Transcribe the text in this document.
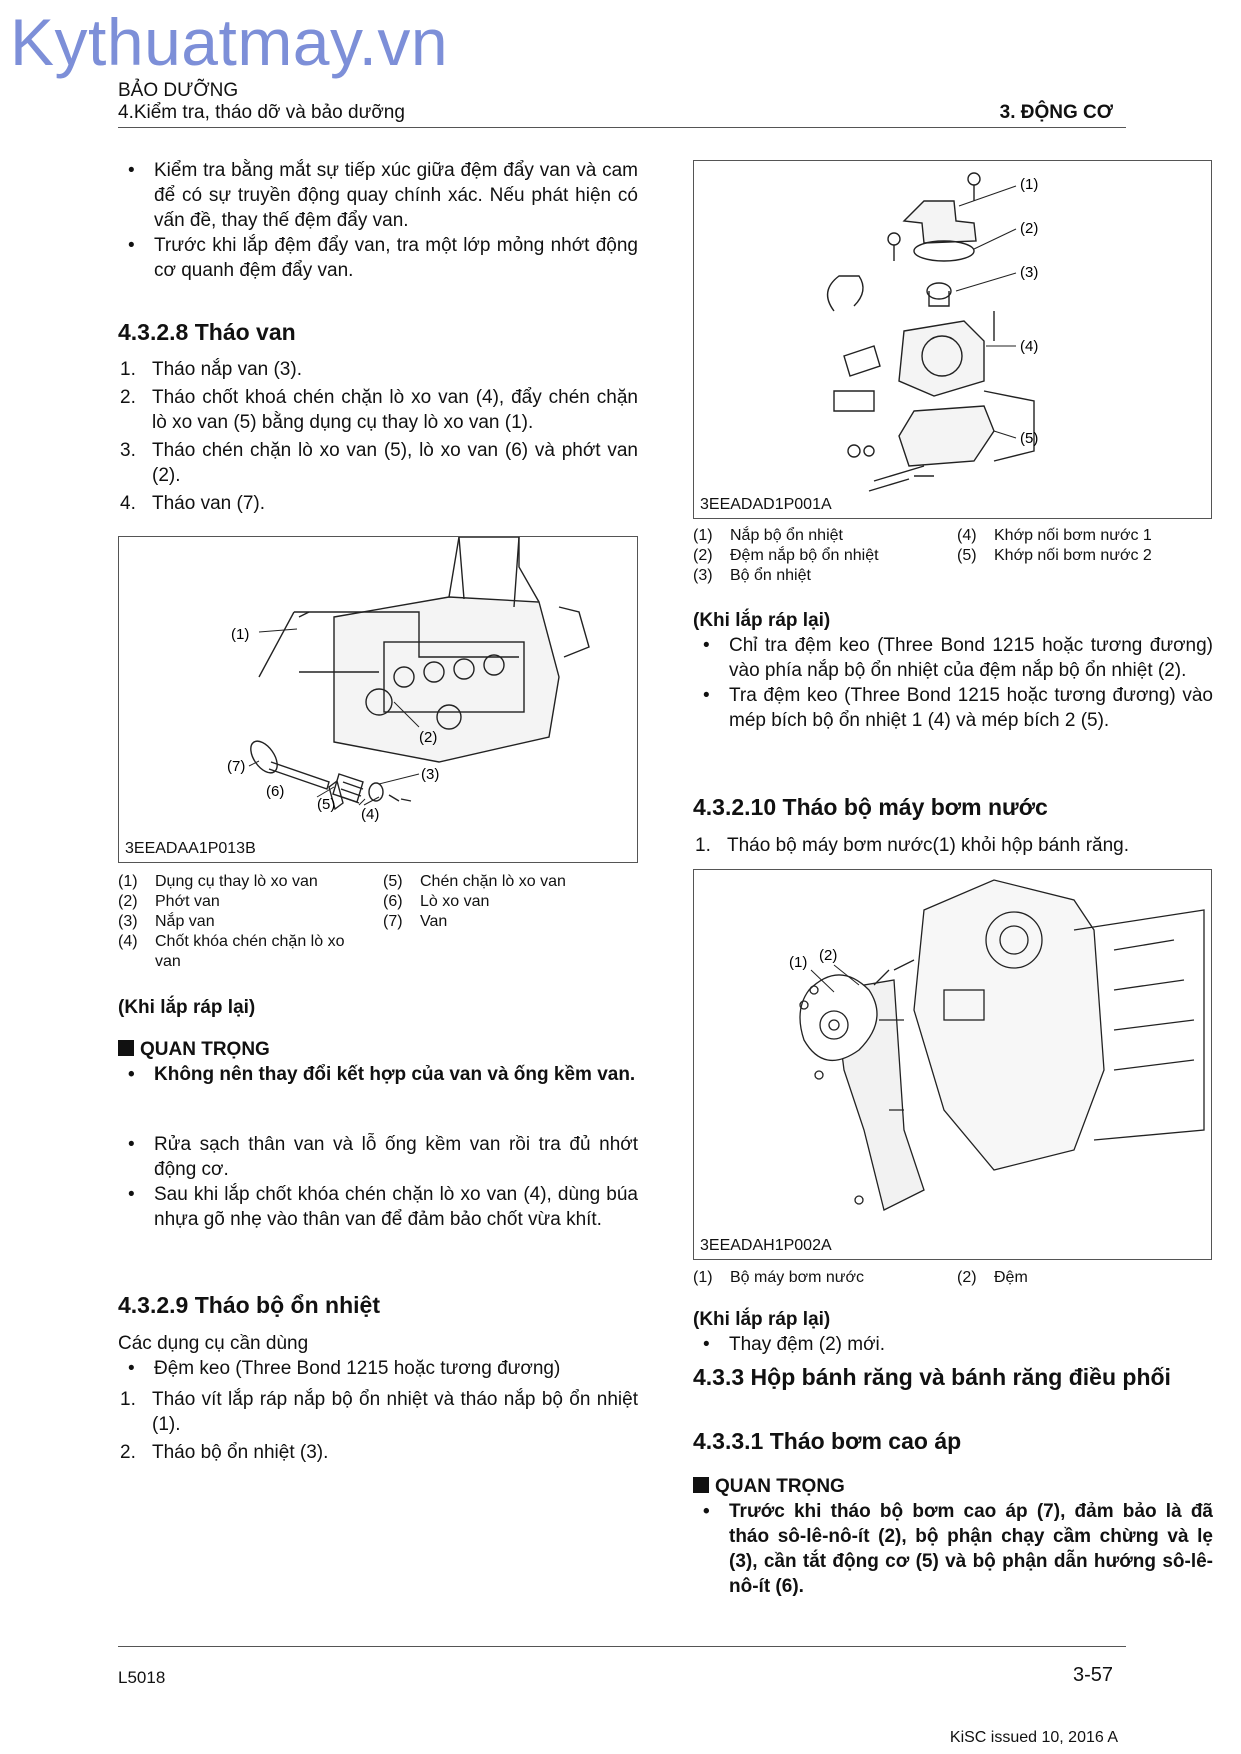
Kythuatmay.vn
BẢO DƯỠNG
4.Kiểm tra, tháo dỡ và bảo dưỡng	3. ĐỘNG CƠ
• Kiểm tra bằng mắt sự tiếp xúc giữa đệm đẩy van và cam để có sự truyền động quay chính xác. Nếu phát hiện có vấn đề, thay thế đệm đẩy van.
• Trước khi lắp đệm đẩy van, tra một lớp mỏng nhớt động cơ quanh đệm đẩy van.
4.3.2.8 Tháo van
1. Tháo nắp van (3).
2. Tháo chốt khoá chén chặn lò xo van (4), đẩy chén chặn lò xo van (5) bằng dụng cụ thay lò xo van (1).
3. Tháo chén chặn lò xo van (5), lò xo van (6) và phớt van (2).
4. Tháo van (7).
(1)
(2)
(3)
(4)
(5)
(6)
(7)
3EEADAA1P013B
(1) Dụng cụ thay lò xo van
(2) Phớt van
(3) Nắp van
(4) Chốt khóa chén chặn lò xo van
(5) Chén chặn lò xo van
(6) Lò xo van
(7) Van
(Khi lắp ráp lại)
QUAN TRỌNG
• Không nên thay đổi kết hợp của van và ống kềm van.
• Rửa sạch thân van và lỗ ống kềm van rồi tra đủ nhớt động cơ.
• Sau khi lắp chốt khóa chén chặn lò xo van (4), dùng búa nhựa gõ nhẹ vào thân van để đảm bảo chốt vừa khít.
4.3.2.9 Tháo bộ ổn nhiệt
Các dụng cụ cần dùng
• Đệm keo (Three Bond 1215 hoặc tương đương)
1. Tháo vít lắp ráp nắp bộ ổn nhiệt và tháo nắp bộ ổn nhiệt (1).
2. Tháo bộ ổn nhiệt (3).
(1)
(2)
(3)
(4)
(5)
3EEADAD1P001A
(1) Nắp bộ ổn nhiệt
(2) Đệm nắp bộ ổn nhiệt
(3) Bộ ổn nhiệt
(4) Khớp nối bơm nước 1
(5) Khớp nối bơm nước 2
(Khi lắp ráp lại)
• Chỉ tra đệm keo (Three Bond 1215 hoặc tương đương) vào phía nắp bộ ổn nhiệt của đệm nắp bộ ổn nhiệt (2).
• Tra đệm keo (Three Bond 1215 hoặc tương đương) vào mép bích bộ ổn nhiệt 1 (4) và mép bích 2 (5).
4.3.2.10 Tháo bộ máy bơm nước
1. Tháo bộ máy bơm nước(1) khỏi hộp bánh răng.
(1) (2)
3EEADAH1P002A
(1) Bộ máy bơm nước	(2) Đệm
(Khi lắp ráp lại)
• Thay đệm (2) mới.
4.3.3 Hộp bánh răng và bánh răng điều phối
4.3.3.1 Tháo bơm cao áp
QUAN TRỌNG
• Trước khi tháo bộ bơm cao áp (7), đảm bảo là đã tháo sô-lê-nô-ít (2), bộ phận chạy cầm chừng và lẹ (3), cần tắt động cơ (5) và bộ phận dẫn hướng sô-lê-nô-ít (6).
L5018	3-57
KiSC issued 10, 2016 A
